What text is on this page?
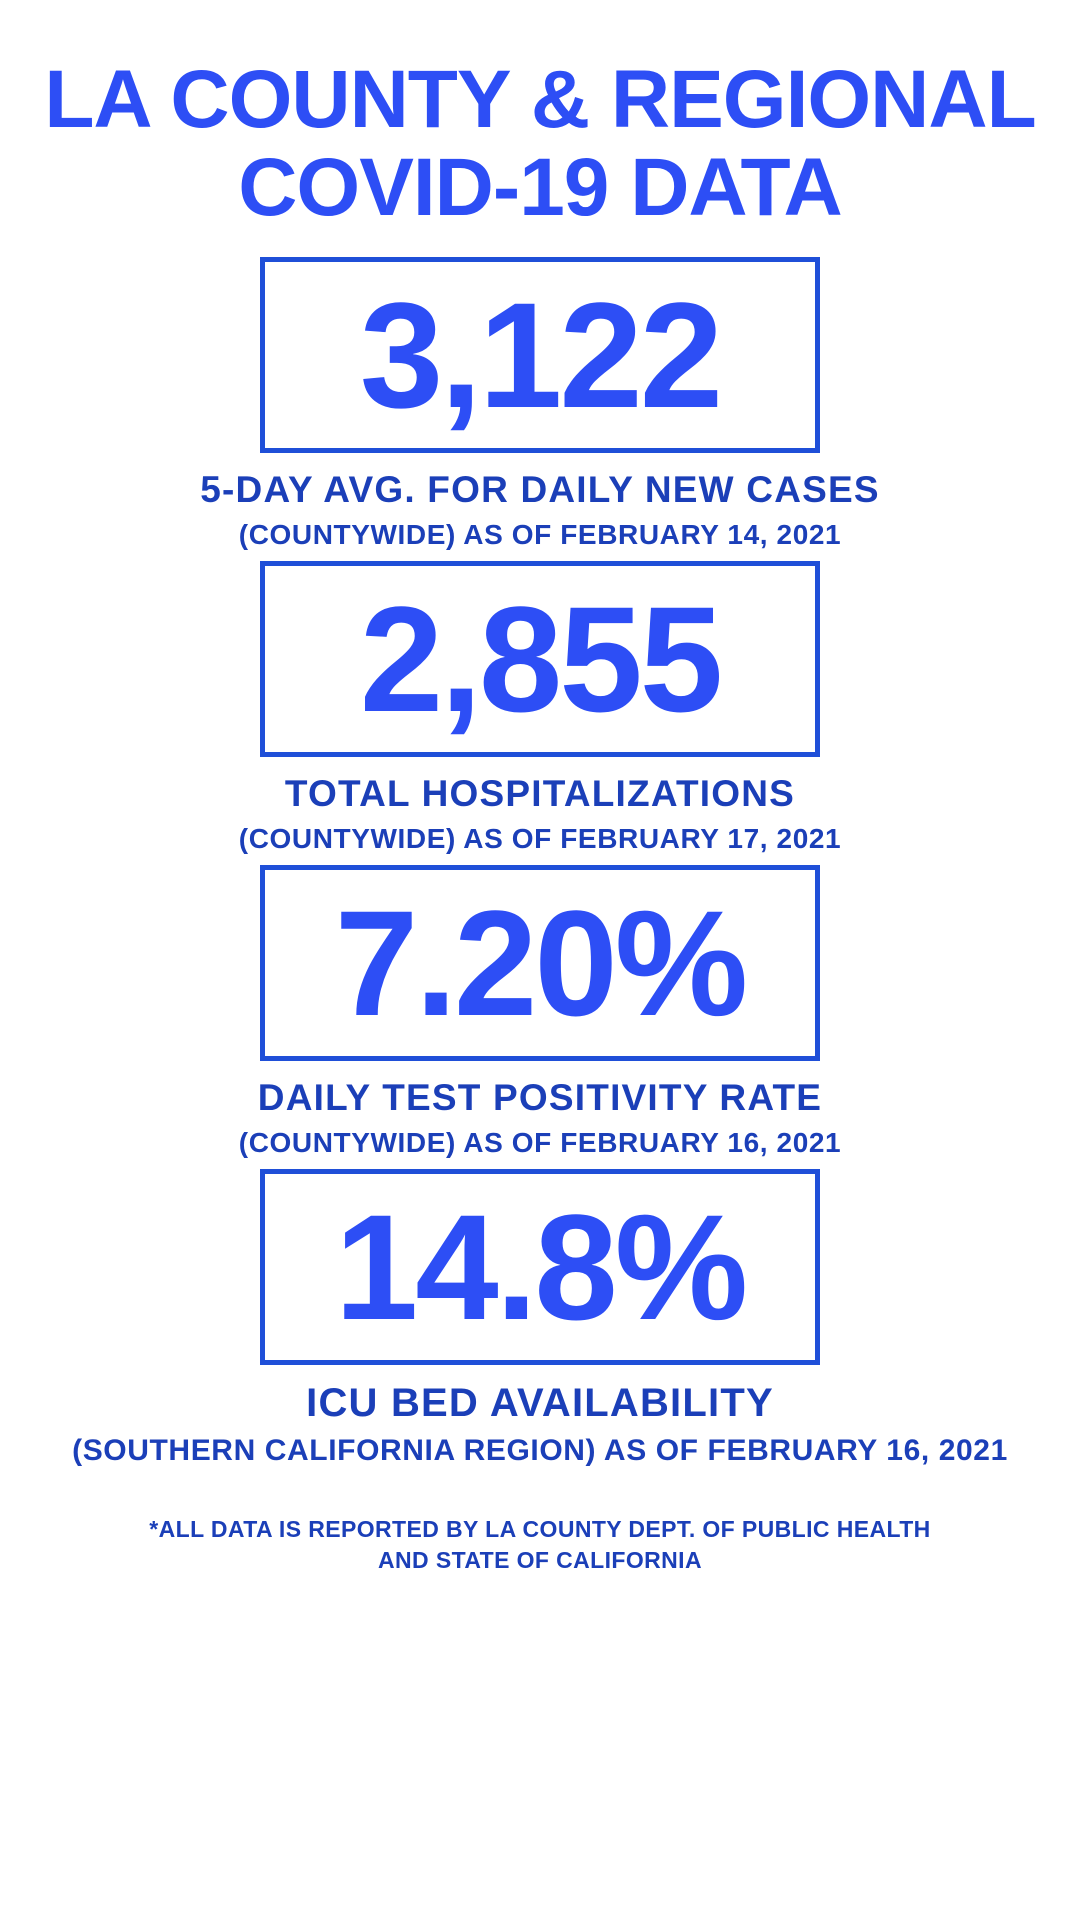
LA COUNTY & REGIONAL
COVID-19 DATA
3,122
5-DAY AVG. FOR DAILY NEW CASES
(COUNTYWIDE) AS OF FEBRUARY 14, 2021
2,855
TOTAL HOSPITALIZATIONS
(COUNTYWIDE) AS OF FEBRUARY 17, 2021
7.20%
DAILY TEST POSITIVITY RATE
(COUNTYWIDE) AS OF FEBRUARY 16, 2021
14.8%
ICU BED AVAILABILITY
(SOUTHERN CALIFORNIA REGION) AS OF FEBRUARY 16, 2021
*ALL DATA IS REPORTED BY LA COUNTY DEPT. OF PUBLIC HEALTH
AND STATE OF CALIFORNIA
